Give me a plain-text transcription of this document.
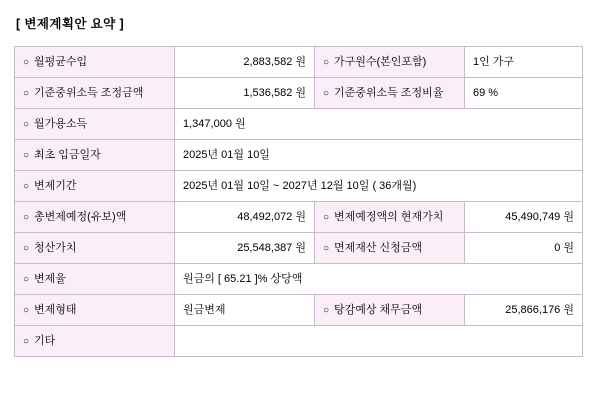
[ 변제계획안 요약 ]
○ 월평균수입	2,883,582 원	○ 가구원수(본인포함)	1인 가구
○ 기준중위소득 조정금액	1,536,582 원	○ 기준중위소득 조정비율	69 %
○ 월가용소득	1,347,000 원		
○ 최초 입금일자	2025년 01월 10일		
○ 변제기간	2025년 01월 10일 ~ 2027년 12월 10일 ( 36개월)		
○ 총변제예정(유보)액	48,492,072 원	○ 변제예정액의 현재가치	45,490,749 원
○ 청산가치	25,548,387 원	○ 면제재산 신청금액	0 원
○ 변제율	원금의 [ 65.21 ]% 상당액		
○ 변제형태	원금변제	○ 탕감예상 채무금액	25,866,176 원
○ 기타			
